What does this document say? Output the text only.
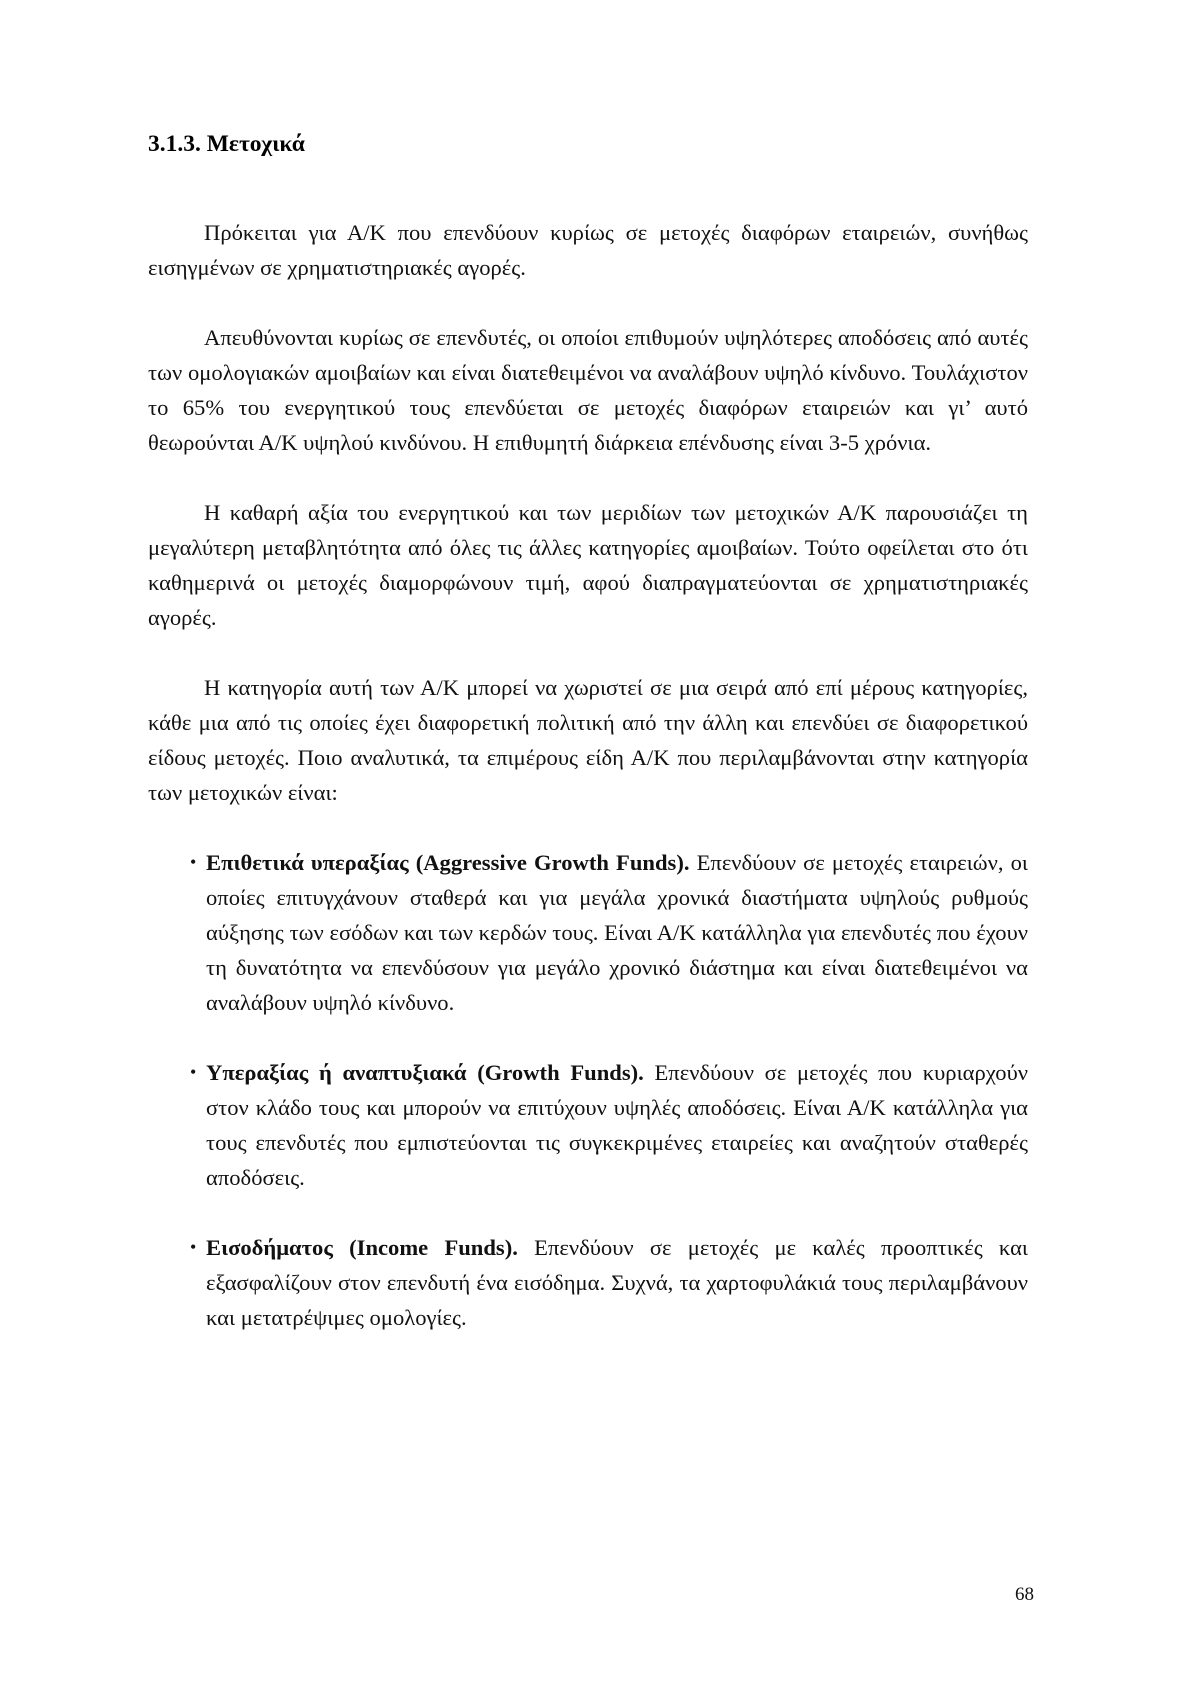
3.1.3. Μετοχικά

Πρόκειται για Α/Κ που επενδύουν κυρίως σε μετοχές διαφόρων εταιρειών, συνήθως εισηγμένων σε χρηματιστηριακές αγορές.

Απευθύνονται κυρίως σε επενδυτές, οι οποίοι επιθυμούν υψηλότερες αποδόσεις από αυτές των ομολογιακών αμοιβαίων και είναι διατεθειμένοι να αναλάβουν υψηλό κίνδυνο. Τουλάχιστον το 65% του ενεργητικού τους επενδύεται σε μετοχές διαφόρων εταιρειών και γι’ αυτό θεωρούνται Α/Κ υψηλού κινδύνου. Η επιθυμητή διάρκεια επένδυσης είναι 3-5 χρόνια.

Η καθαρή αξία του ενεργητικού και των μεριδίων των μετοχικών Α/Κ παρουσιάζει τη μεγαλύτερη μεταβλητότητα από όλες τις άλλες κατηγορίες αμοιβαίων. Τούτο οφείλεται στο ότι καθημερινά οι μετοχές διαμορφώνουν τιμή, αφού διαπραγματεύονται σε χρηματιστηριακές αγορές.

Η κατηγορία αυτή των Α/Κ μπορεί να χωριστεί σε μια σειρά από επί μέρους κατηγορίες, κάθε μια από τις οποίες έχει διαφορετική πολιτική από την άλλη και επενδύει σε διαφορετικού είδους μετοχές. Ποιο αναλυτικά, τα επιμέρους είδη Α/Κ που περιλαμβάνονται στην κατηγορία των μετοχικών είναι:

• Επιθετικά υπεραξίας (Aggressive Growth Funds). Επενδύουν σε μετοχές εταιρειών, οι οποίες επιτυγχάνουν σταθερά και για μεγάλα χρονικά διαστήματα υψηλούς ρυθμούς αύξησης των εσόδων και των κερδών τους. Είναι Α/Κ κατάλληλα για επενδυτές που έχουν τη δυνατότητα να επενδύσουν για μεγάλο χρονικό διάστημα και είναι διατεθειμένοι να αναλάβουν υψηλό κίνδυνο.
• Υπεραξίας ή αναπτυξιακά (Growth Funds). Επενδύουν σε μετοχές που κυριαρχούν στον κλάδο τους και μπορούν να επιτύχουν υψηλές αποδόσεις. Είναι Α/Κ κατάλληλα για τους επενδυτές που εμπιστεύονται τις συγκεκριμένες εταιρείες και αναζητούν σταθερές αποδόσεις.
• Εισοδήματος (Income Funds). Επενδύουν σε μετοχές με καλές προοπτικές και εξασφαλίζουν στον επενδυτή ένα εισόδημα. Συχνά, τα χαρτοφυλάκιά τους περιλαμβάνουν και μετατρέψιμες ομολογίες.
68
